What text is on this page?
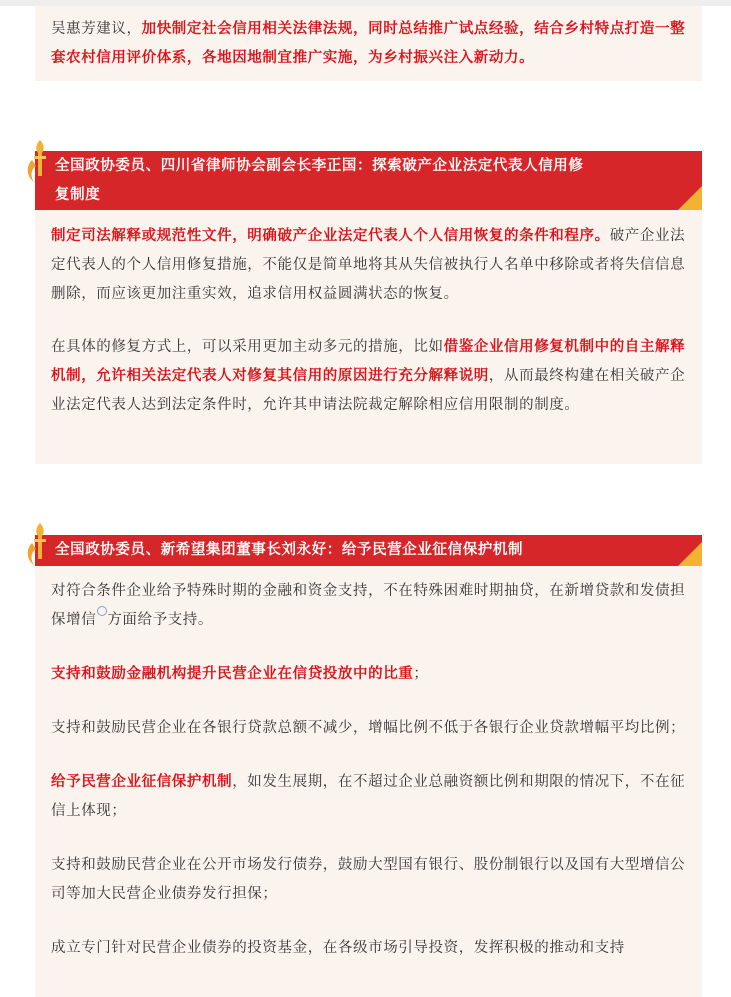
吴惠芳建议，加快制定社会信用相关法律法规，同时总结推广试点经验，结合乡村特点打造一整套农村信用评价体系，各地因地制宜推广实施，为乡村振兴注入新动力。

全国政协委员、四川省律师协会副会长李正国：探索破产企业法定代表人信用修
复制度

制定司法解释或规范性文件，明确破产企业法定代表人个人信用恢复的条件和程序。破产企业法定代表人的个人信用修复措施，不能仅是简单地将其从失信被执行人名单中移除或者将失信信息删除，而应该更加注重实效，追求信用权益圆满状态的恢复。

在具体的修复方式上，可以采用更加主动多元的措施，比如借鉴企业信用修复机制中的自主解释机制，允许相关法定代表人对修复其信用的原因进行充分解释说明，从而最终构建在相关破产企业法定代表人达到法定条件时，允许其申请法院裁定解除相应信用限制的制度。

全国政协委员、新希望集团董事长刘永好：给予民营企业征信保护机制

对符合条件企业给予特殊时期的金融和资金支持，不在特殊困难时期抽贷，在新增贷款和发债担保增信 方面给予支持。

支持和鼓励金融机构提升民营企业在信贷投放中的比重；

支持和鼓励民营企业在各银行贷款总额不减少，增幅比例不低于各银行企业贷款增幅平均比例；

给予民营企业征信保护机制，如发生展期，在不超过企业总融资额比例和期限的情况下，不在征信上体现；

支持和鼓励民营企业在公开市场发行债券，鼓励大型国有银行、股份制银行以及国有大型增信公司等加大民营企业债券发行担保；

成立专门针对民营企业债券的投资基金，在各级市场引导投资，发挥积极的推动和支持
